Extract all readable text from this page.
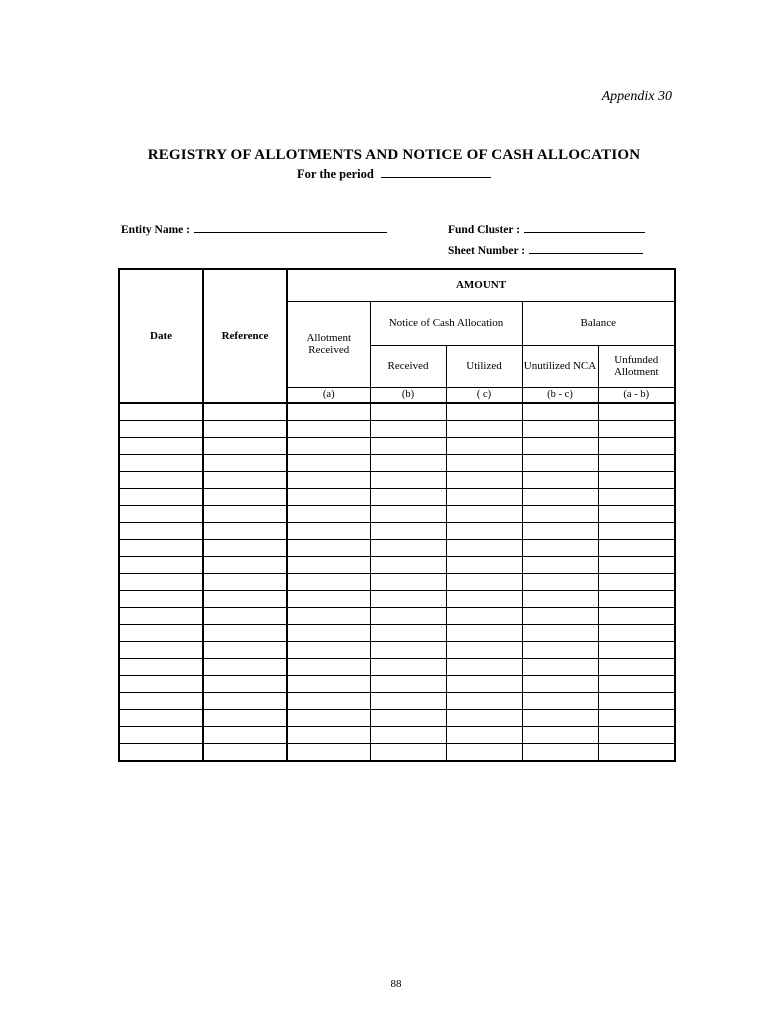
Appendix 30
REGISTRY OF ALLOTMENTS AND NOTICE OF CASH ALLOCATION
For the period
Entity Name :	Fund Cluster :
Sheet Number :
Date	Reference	AMOUNT				
		Allotment Received	Notice of Cash Allocation		Balance	
			Received	Utilized	Unutilized NCA	Unfunded Allotment
		(a)	(b)	( c)	(b - c)	(a - b)

88
